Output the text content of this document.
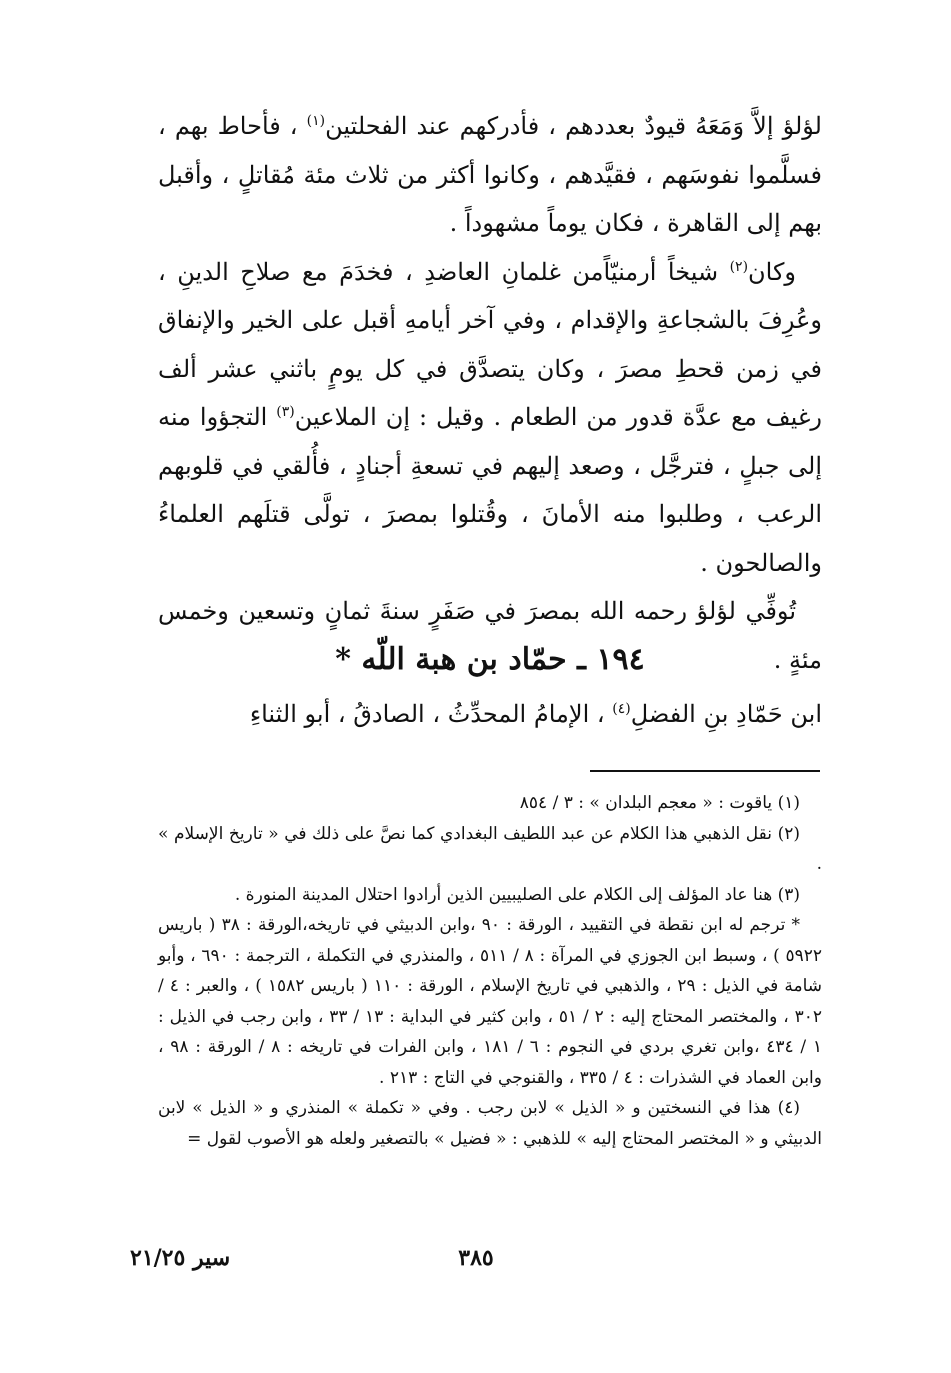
لؤلؤ إلاَّ وَمَعَهُ قيودٌ بعددهم ، فأدركهم عند الفحلتين$^{(١)}$ ، فأحاط بهم ، فسلَّموا نفوسَهم ، فقيَّدهم ، وكانوا أكثر من ثلاث مئة مُقاتلٍ ، وأقبل بهم إلى القاهرة ، فكان يوماً مشهوداً .

وكان$^{(٢)}$ شيخاً أرمنيّاًمن غلمانِ العاضدِ ، فخدَمَ مع صلاحِ الدينِ ، وعُرِفَ بالشجاعةِ والإقدام ، وفي آخر أيامهِ أقبل على الخير والإنفاق في زمن قحطِ مصرَ ، وكان يتصدَّق في كل يومٍ باثني عشر ألف رغيف مع عدَّة قدور من الطعام . وقيل : إن الملاعين$^{(٣)}$ التجؤوا منه إلى جبلٍ ، فترجَّل ، وصعد إليهم في تسعةِ أجنادٍ ، فأُلقي في قلوبهم الرعب ، وطلبوا منه الأمانَ ، وقُتلوا بمصرَ ، تولَّى قتلَهم العلماءُ والصالحون .

تُوفِّي لؤلؤ رحمه الله بمصرَ في صَفَرٍ سنةَ ثمانٍ وتسعين وخمس مئةٍ .

١٩٤ ـ حمّاد بن هبة اللّه *
ابن حَمّادِ بنِ الفضلِ$^{(٤)}$ ، الإمامُ المحدِّثُ ، الصادقُ ، أبو الثناءِ

(١) ياقوت : « معجم البلدان » : ٣ / ٨٥٤

(٢) نقل الذهبي هذا الكلام عن عبد اللطيف البغدادي كما نصَّ على ذلك في « تاريخ الإسلام » .

(٣) هنا عاد المؤلف إلى الكلام على الصليبيين الذين أرادوا احتلال المدينة المنورة .

* ترجم له ابن نقطة في التقييد ، الورقة : ٩٠ ،وابن الدبيثي في تاريخه،الورقة : ٣٨ ( باريس ٥٩٢٢ ) ، وسبط ابن الجوزي في المرآة : ٨ / ٥١١ ، والمنذري في التكملة ، الترجمة : ٦٩٠ ، وأبو شامة في الذيل : ٢٩ ، والذهبي في تاريخ الإسلام ، الورقة : ١١٠ ( باريس ١٥٨٢ ) ، والعبر : ٤ / ٣٠٢ ، والمختصر المحتاج إليه : ٢ / ٥١ ، وابن كثير في البداية : ١٣ / ٣٣ ، وابن رجب في الذيل : ١ / ٤٣٤ ،وابن تغري بردي في النجوم : ٦ / ١٨١ ، وابن الفرات في تاريخه : ٨ / الورقة : ٩٨ ، وابن العماد في الشذرات : ٤ / ٣٣٥ ، والقنوجي في التاج : ٢١٣ .

(٤) هذا في النسختين و « الذيل » لابن رجب . وفي « تكملة » المنذري و « الذيل » لابن الدبيثي و « المختصر المحتاج إليه » للذهبي : « فضيل » بالتصغير ولعله هو الأصوب لقول =

٣٨٥
سير ٢١/٢٥
